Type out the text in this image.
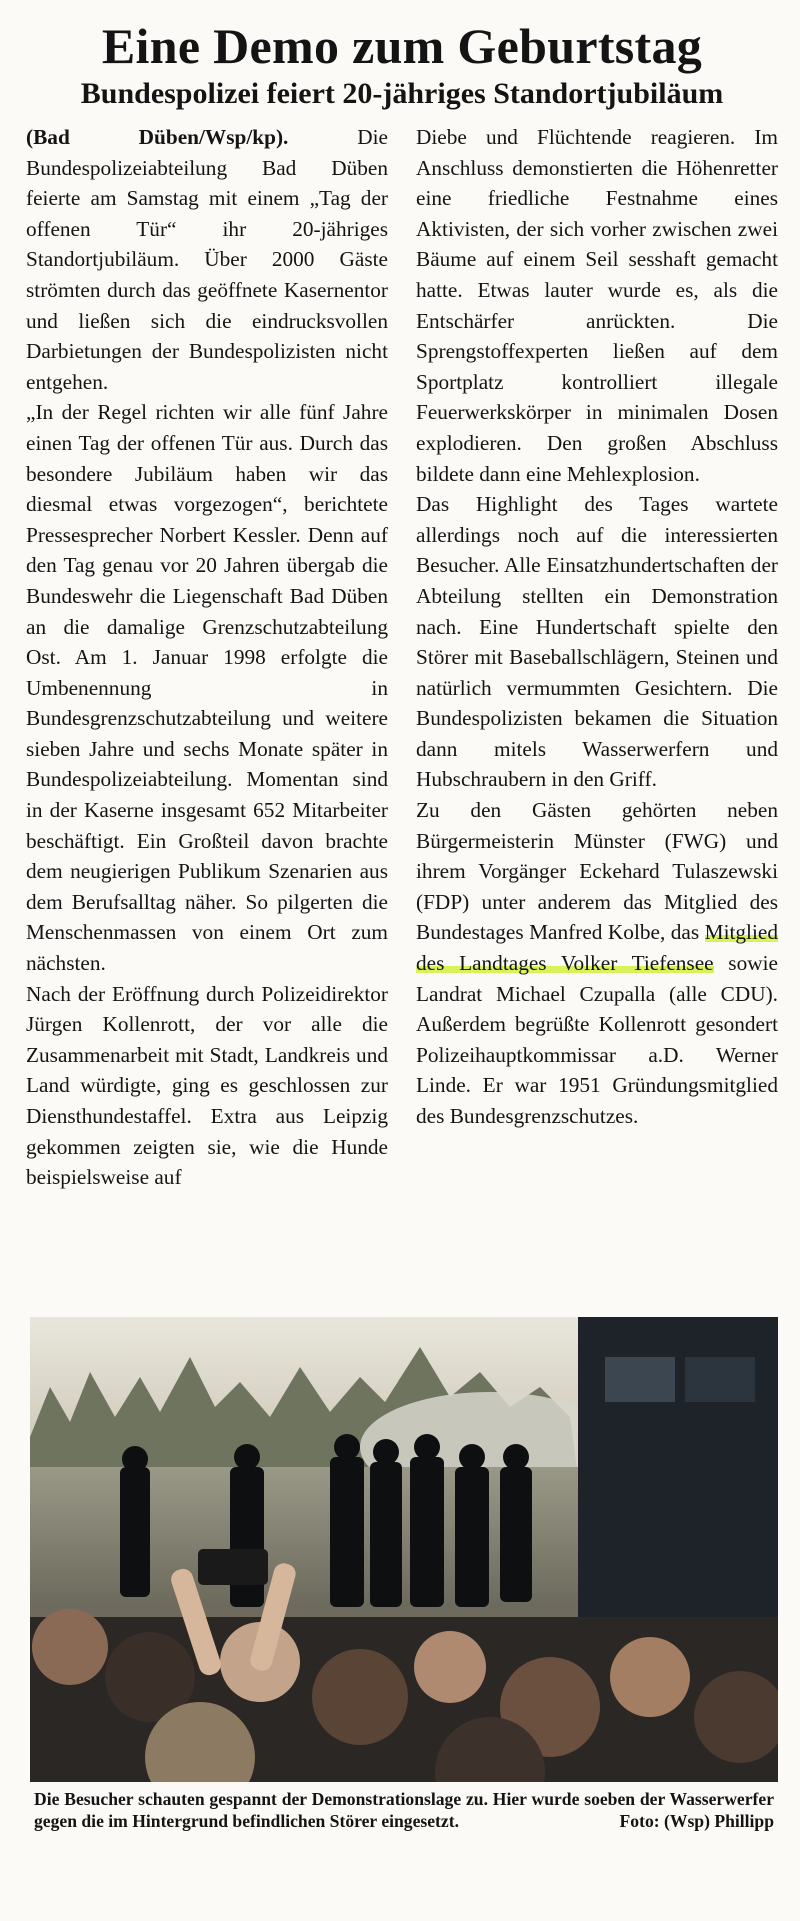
Eine Demo zum Geburtstag
Bundespolizei feiert 20-jähriges Standortjubiläum

(Bad Düben/Wsp/kp).	Die Bundespolizeiabteilung Bad Düben feierte am Samstag mit einem „Tag der offenen Tür“ ihr 20-jähriges Standortjubiläum. Über 2000 Gäste strömten durch das geöffnete Kasernentor und ließen sich die eindrucksvollen Darbietungen der Bundespolizisten nicht entgehen.

„In der Regel richten wir alle fünf Jahre einen Tag der offenen Tür aus. Durch das besondere Jubiläum haben wir das diesmal etwas vorgezogen“, berichtete Pressesprecher Norbert Kessler. Denn auf den Tag genau vor 20 Jahren übergab die Bundeswehr die Liegenschaft Bad Düben an die damalige Grenzschutzabteilung Ost. Am 1. Januar 1998 erfolgte die Umbenennung in Bundesgrenzschutzabteilung und weitere sieben Jahre und sechs Monate später in Bundespolizeiabteilung. Momentan sind in der Kaserne insgesamt 652 Mitarbeiter beschäftigt. Ein Großteil davon brachte dem neugierigen Publikum Szenarien aus dem Berufsalltag näher. So pilgerten die Menschenmassen von einem Ort zum nächsten.

Nach der Eröffnung durch Polizeidirektor Jürgen Kollenrott, der vor alle die Zusammenarbeit mit Stadt, Landkreis und Land würdigte, ging es geschlossen zur Diensthundestaffel. Extra aus Leipzig gekommen zeigten sie, wie die Hunde beispielsweise auf

Diebe und Flüchtende reagieren. Im Anschluss demonstierten die Höhenretter eine friedliche Festnahme eines Aktivisten, der sich vorher zwischen zwei Bäume auf einem Seil sesshaft gemacht hatte. Etwas lauter wurde es, als die Entschärfer anrückten. Die Sprengstoffexperten ließen auf dem Sportplatz kontrolliert illegale Feuerwerkskörper in minimalen Dosen explodieren. Den großen Abschluss bildete dann eine Mehlexplosion.

Das Highlight des Tages wartete allerdings noch auf die interessierten Besucher. Alle Einsatzhundertschaften der Abteilung stellten ein Demonstration nach. Eine Hundertschaft spielte den Störer mit Baseballschlägern, Steinen und natürlich vermummten Gesichtern. Die Bundespolizisten bekamen die Situation dann mitels Wasserwerfern und Hubschraubern in den Griff.

Zu den Gästen gehörten neben Bürgermeisterin Münster (FWG) und ihrem Vorgänger Eckehard Tulaszewski (FDP) unter anderem das Mitglied des Bundestages Manfred Kolbe, das Mitglied des Landtages Volker Tiefensee sowie Landrat Michael Czupalla (alle CDU). Außerdem begrüßte Kollenrott gesondert Polizeihauptkommissar a.D. Werner Linde. Er war 1951 Gründungsmitglied des Bundesgrenzschutzes.

Die Besucher schauten gespannt der Demonstrationslage zu. Hier wurde soeben der Wasserwerfer gegen die im Hintergrund befindlichen Störer eingesetzt.	Foto: (Wsp) Phillipp
